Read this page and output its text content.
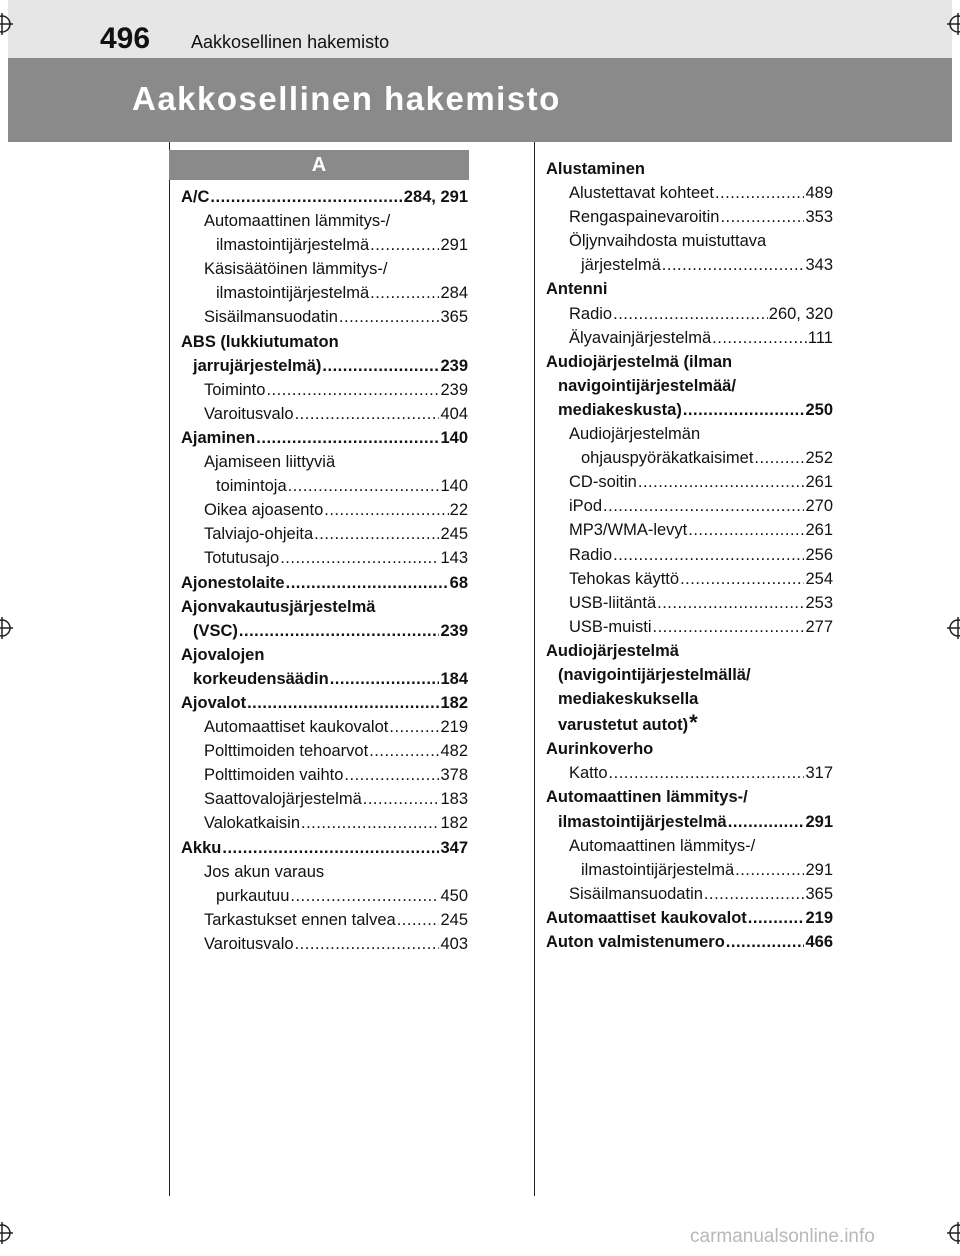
496 Aakkosellinen hakemisto
Aakkosellinen hakemisto
A
A/C .....	284, 291
Automaattinen lämmitys-/
ilmastointijärjestelmä .....	291
Käsisäätöinen lämmitys-/
ilmastointijärjestelmä .....	284
Sisäilmansuodatin .....	365
ABS (lukkiutumaton
jarrujärjestelmä) .....	239
Toiminto .....	239
Varoitusvalo .....	404
Ajaminen .....	140
Ajamiseen liittyviä
toimintoja .....	140
Oikea ajoasento .....	22
Talviajo-ohjeita .....	245
Totutusajo .....	143
Ajonestolaite .....	68
Ajonvakautusjärjestelmä
(VSC) .....	239
Ajovalojen
korkeudensäädin .....	184
Ajovalot .....	182
Automaattiset kaukovalot .....	219
Polttimoiden tehoarvot .....	482
Polttimoiden vaihto .....	378
Saattovalojärjestelmä .....	183
Valokatkaisin .....	182
Akku .....	347
Jos akun varaus
purkautuu .....	450
Tarkastukset ennen talvea .....	245
Varoitusvalo .....	403
Alustaminen
Alustettavat kohteet .....	489
Rengaspainevaroitin .....	353
Öljynvaihdosta muistuttava
järjestelmä .....	343
Antenni
Radio .....	260, 320
Älyavainjärjestelmä .....	111
Audiojärjestelmä (ilman
navigointijärjestelmää/
mediakeskusta) .....	250
Audiojärjestelmän
ohjauspyöräkatkaisimet .....	252
CD-soitin .....	261
iPod .....	270
MP3/WMA-levyt .....	261
Radio .....	256
Tehokas käyttö .....	254
USB-liitäntä .....	253
USB-muisti .....	277
Audiojärjestelmä
(navigointijärjestelmällä/
mediakeskuksella
varustetut autot) *
Aurinkoverho
Katto .....	317
Automaattinen lämmitys-/
ilmastointijärjestelmä .....	291
Automaattinen lämmitys-/
ilmastointijärjestelmä .....	291
Sisäilmansuodatin .....	365
Automaattiset kaukovalot .....	219
Auton valmistenumero .....	466
carmanualsonline.info
